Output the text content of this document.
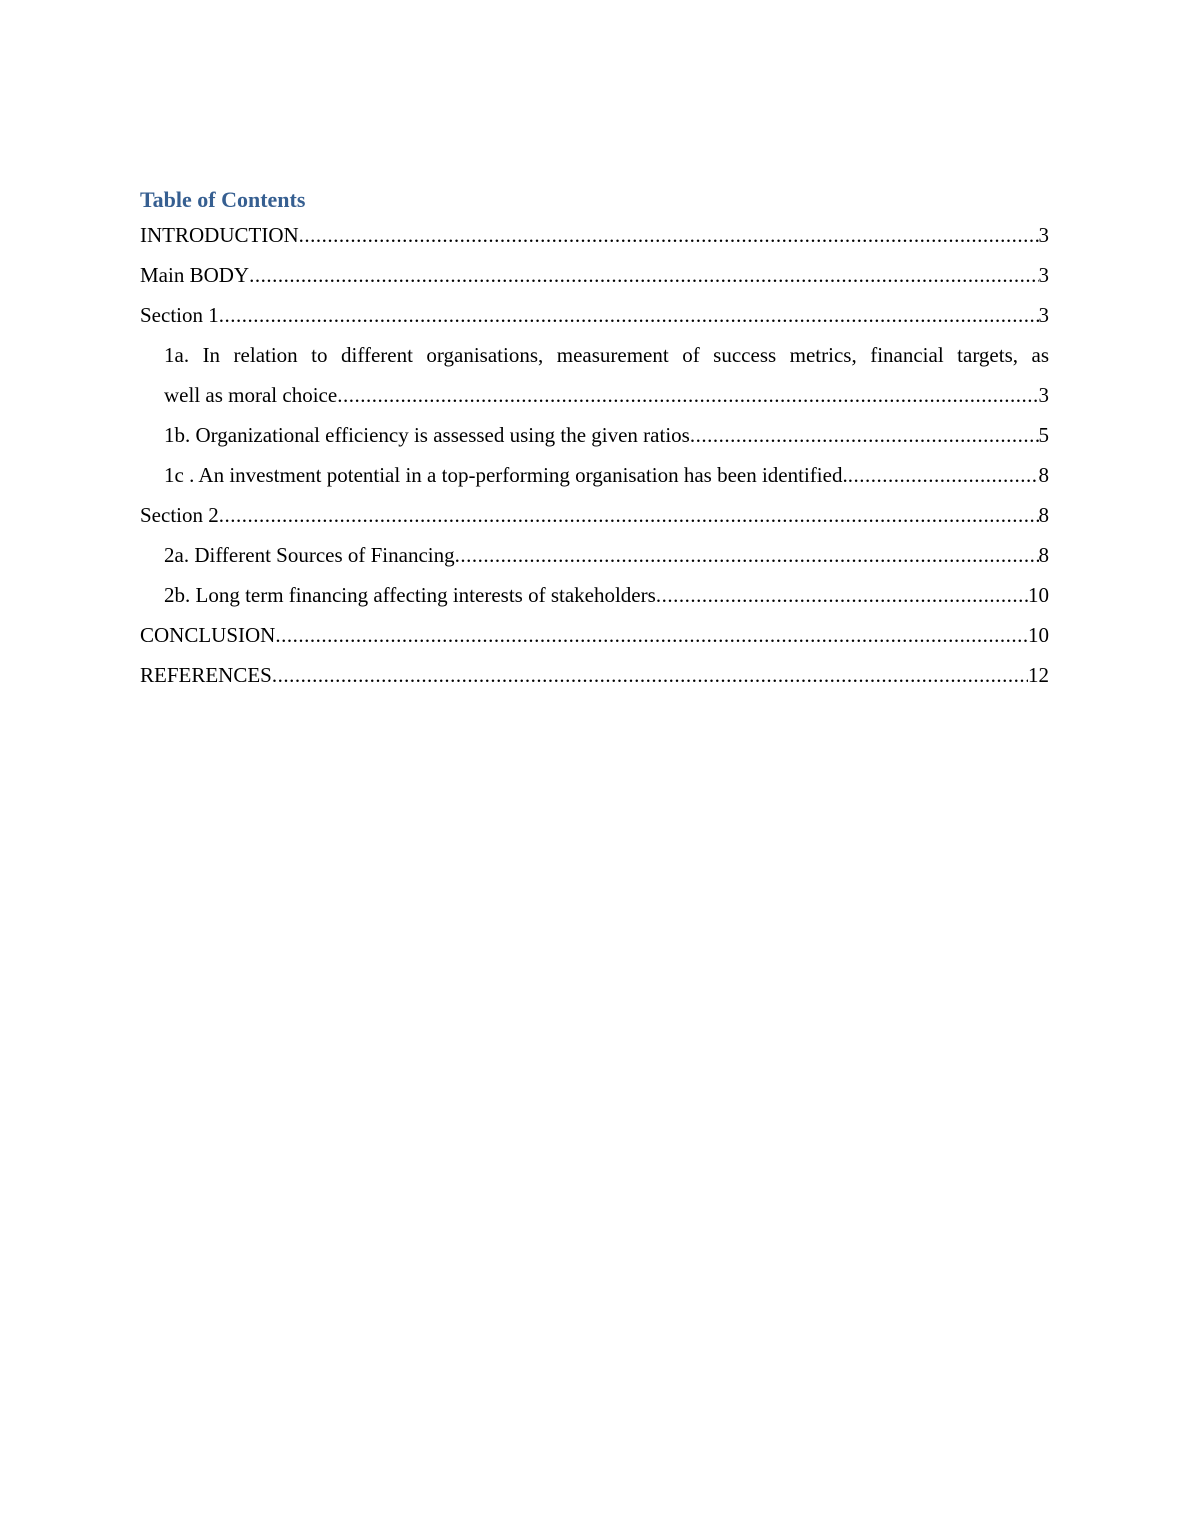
Table of Contents
INTRODUCTION .....	3
Main BODY .....	3
Section 1 .....	3
1a. In relation to different organisations, measurement of success metrics, financial targets, as
well as moral choice .....	3
1b. Organizational efficiency is assessed using the given ratios .....	5
1c . An investment potential in a top-performing organisation has been identified. .....	8
Section 2 .....	8
2a. Different Sources of Financing .....	8
2b. Long term financing affecting interests of stakeholders .....	10
CONCLUSION .....	10
REFERENCES .....	12
